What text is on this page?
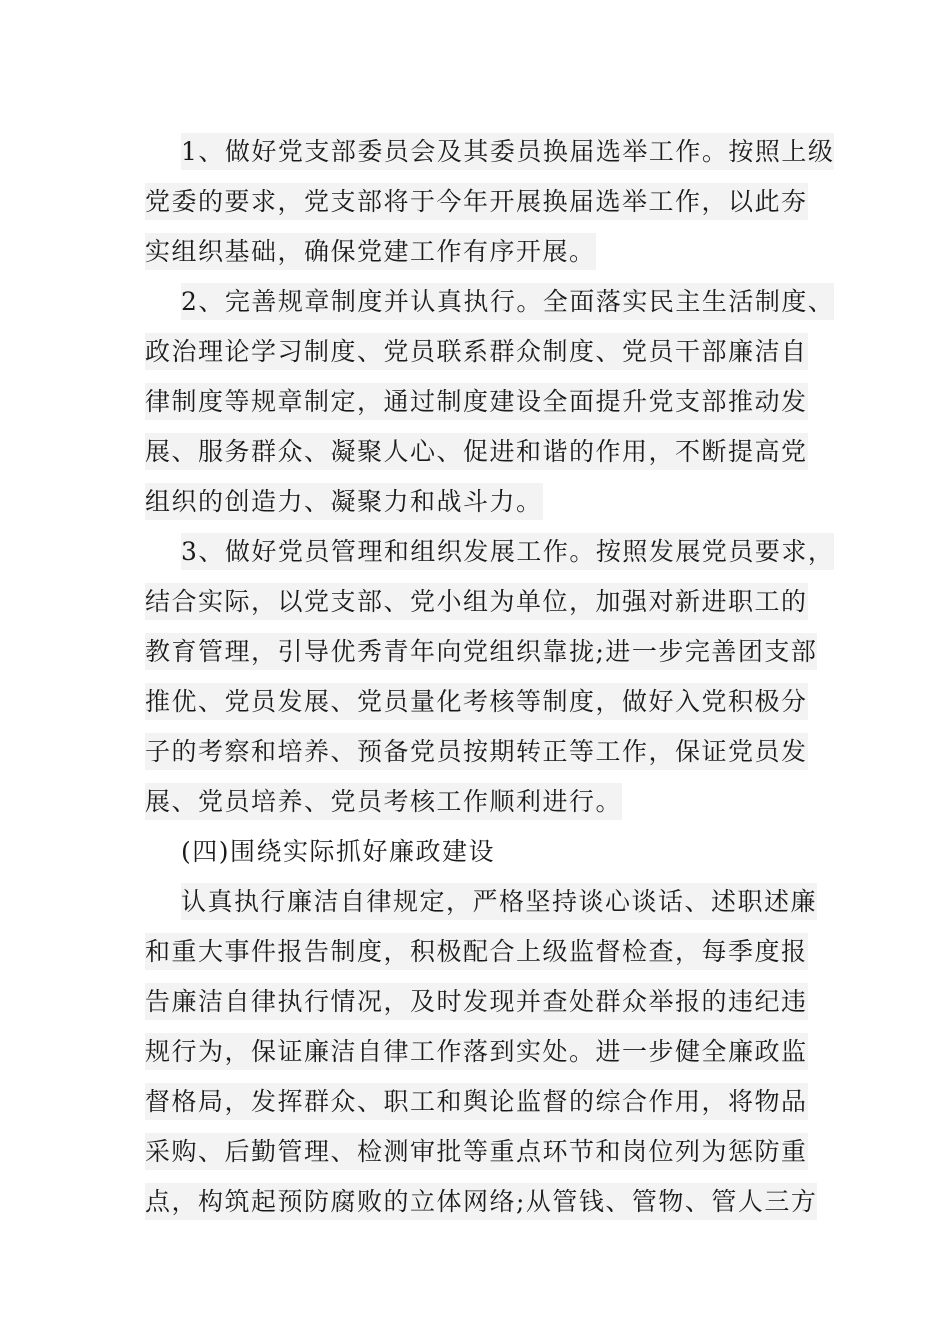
1、做好党支部委员会及其委员换届选举工作。按照上级
党委的要求，党支部将于今年开展换届选举工作，以此夯
实组织基础，确保党建工作有序开展。
2、完善规章制度并认真执行。全面落实民主生活制度、
政治理论学习制度、党员联系群众制度、党员干部廉洁自
律制度等规章制定，通过制度建设全面提升党支部推动发
展、服务群众、凝聚人心、促进和谐的作用，不断提高党
组织的创造力、凝聚力和战斗力。
3、做好党员管理和组织发展工作。按照发展党员要求，
结合实际，以党支部、党小组为单位，加强对新进职工的
教育管理，引导优秀青年向党组织靠拢;进一步完善团支部
推优、党员发展、党员量化考核等制度，做好入党积极分
子的考察和培养、预备党员按期转正等工作，保证党员发
展、党员培养、党员考核工作顺利进行。
(四)围绕实际抓好廉政建设
认真执行廉洁自律规定，严格坚持谈心谈话、述职述廉
和重大事件报告制度，积极配合上级监督检查，每季度报
告廉洁自律执行情况，及时发现并查处群众举报的违纪违
规行为，保证廉洁自律工作落到实处。进一步健全廉政监
督格局，发挥群众、职工和舆论监督的综合作用，将物品
采购、后勤管理、检测审批等重点环节和岗位列为惩防重
点，构筑起预防腐败的立体网络;从管钱、管物、管人三方
